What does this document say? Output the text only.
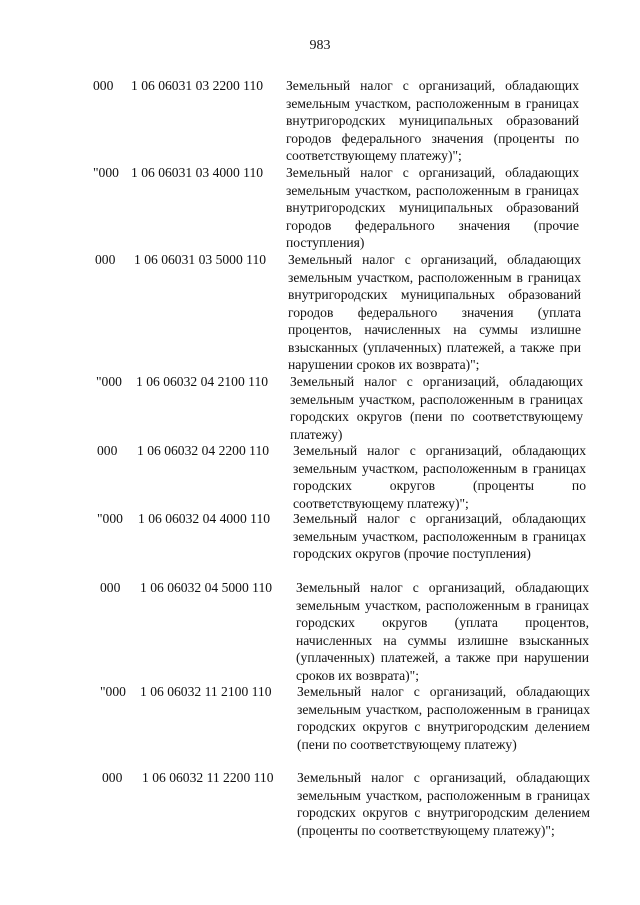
983
000 1 06 06031 03 2200 110 Земельный налог с организаций, обладающих земельным участком, расположенным в границах внутригородских муниципальных образований городов федерального значения (проценты по соответствующему платежу)";
"000 1 06 06031 03 4000 110 Земельный налог с организаций, обладающих земельным участком, расположенным в границах внутригородских муниципальных образований городов федерального значения (прочие поступления)
000 1 06 06031 03 5000 110 Земельный налог с организаций, обладающих земельным участком, расположенным в границах внутригородских муниципальных образований городов федерального значения (уплата процентов, начисленных на суммы излишне взысканных (уплаченных) платежей, а также при нарушении сроков их возврата)";
"000 1 06 06032 04 2100 110 Земельный налог с организаций, обладающих земельным участком, расположенным в границах городских округов (пени по соответствующему платежу)
000 1 06 06032 04 2200 110 Земельный налог с организаций, обладающих земельным участком, расположенным в границах городских округов (проценты по соответствующему платежу)";
"000 1 06 06032 04 4000 110 Земельный налог с организаций, обладающих земельным участком, расположенным в границах городских округов (прочие поступления)
000 1 06 06032 04 5000 110 Земельный налог с организаций, обладающих земельным участком, расположенным в границах городских округов (уплата процентов, начисленных на суммы излишне взысканных (уплаченных) платежей, а также при нарушении сроков их возврата)";
"000 1 06 06032 11 2100 110 Земельный налог с организаций, обладающих земельным участком, расположенным в границах городских округов с внутригородским делением (пени по соответствующему платежу)
000 1 06 06032 11 2200 110 Земельный налог с организаций, обладающих земельным участком, расположенным в границах городских округов с внутригородским делением (проценты по соответствующему платежу)";
